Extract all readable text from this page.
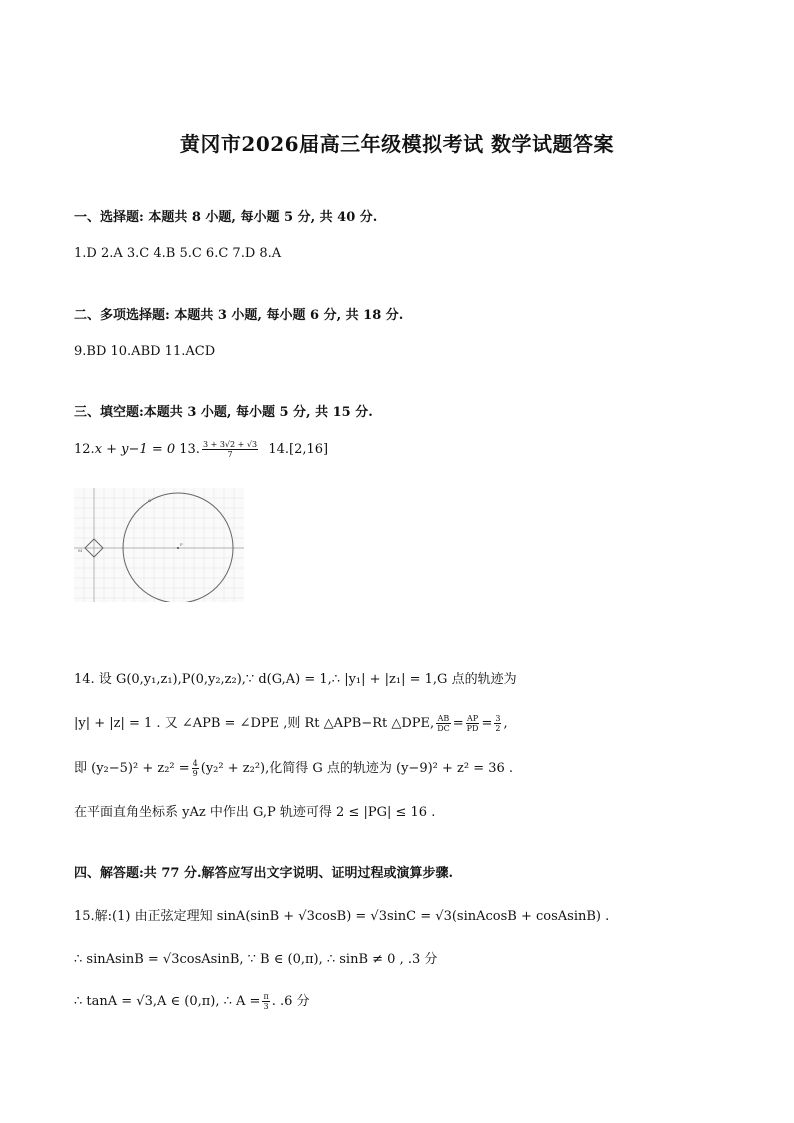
黄冈市2026届高三年级模拟考试 数学试题答案
一、选择题: 本题共 8 小题, 每小题 5 分, 共 40 分.
1.D 2.A 3.C 4.B 5.C 6.C 7.D 8.A
二、多项选择题: 本题共 3 小题, 每小题 6 分, 共 18 分.
9.BD 10.ABD 11.ACD
三、填空题:本题共 3 小题, 每小题 5 分, 共 15 分.
12.x + y−1 = 0 13. $\frac{3 + 3√2 + √3}{7} 14.[2,16]$
M
O
P
14. 设 G(0,y₁,z₁),P(0,y₂,z₂),∵ d(G,A) = 1,∴ |y₁| + |z₁| = 1,G 点的轨迹为
|y| + |z| = 1 . 又 ∠APB = ∠DPE ,则 Rt △APB−Rt △DPE, $\frac{AB}{DC} = \frac{AP}{PD} = \frac{3}{2}$ ,
即 $(y_2-5)^2 + z_2^2 = \frac{4}{9} (y_2^2 + z_2^2)$,化简得 G 点的轨迹为 (y−9)² + z² = 36 .
在平面直角坐标系 yAz 中作出 G,P 轨迹可得 2 ≤ |PG| ≤ 16 .
四、解答题:共 77 分.解答应写出文字说明、证明过程或演算步骤.
15.解:(1) 由正弦定理知 sinA(sinB + √3cosB) = √3sinC = √3(sinAcosB + cosAsinB) .
∴ sinAsinB = √3cosAsinB, ∵ B ∈ (0,π), ∴ sinB ≠ 0 , .3 分
∴ tanA = √3,A ∈ (0,π), ∴ $A = \frac{\pi}{3}$ . .6 分
